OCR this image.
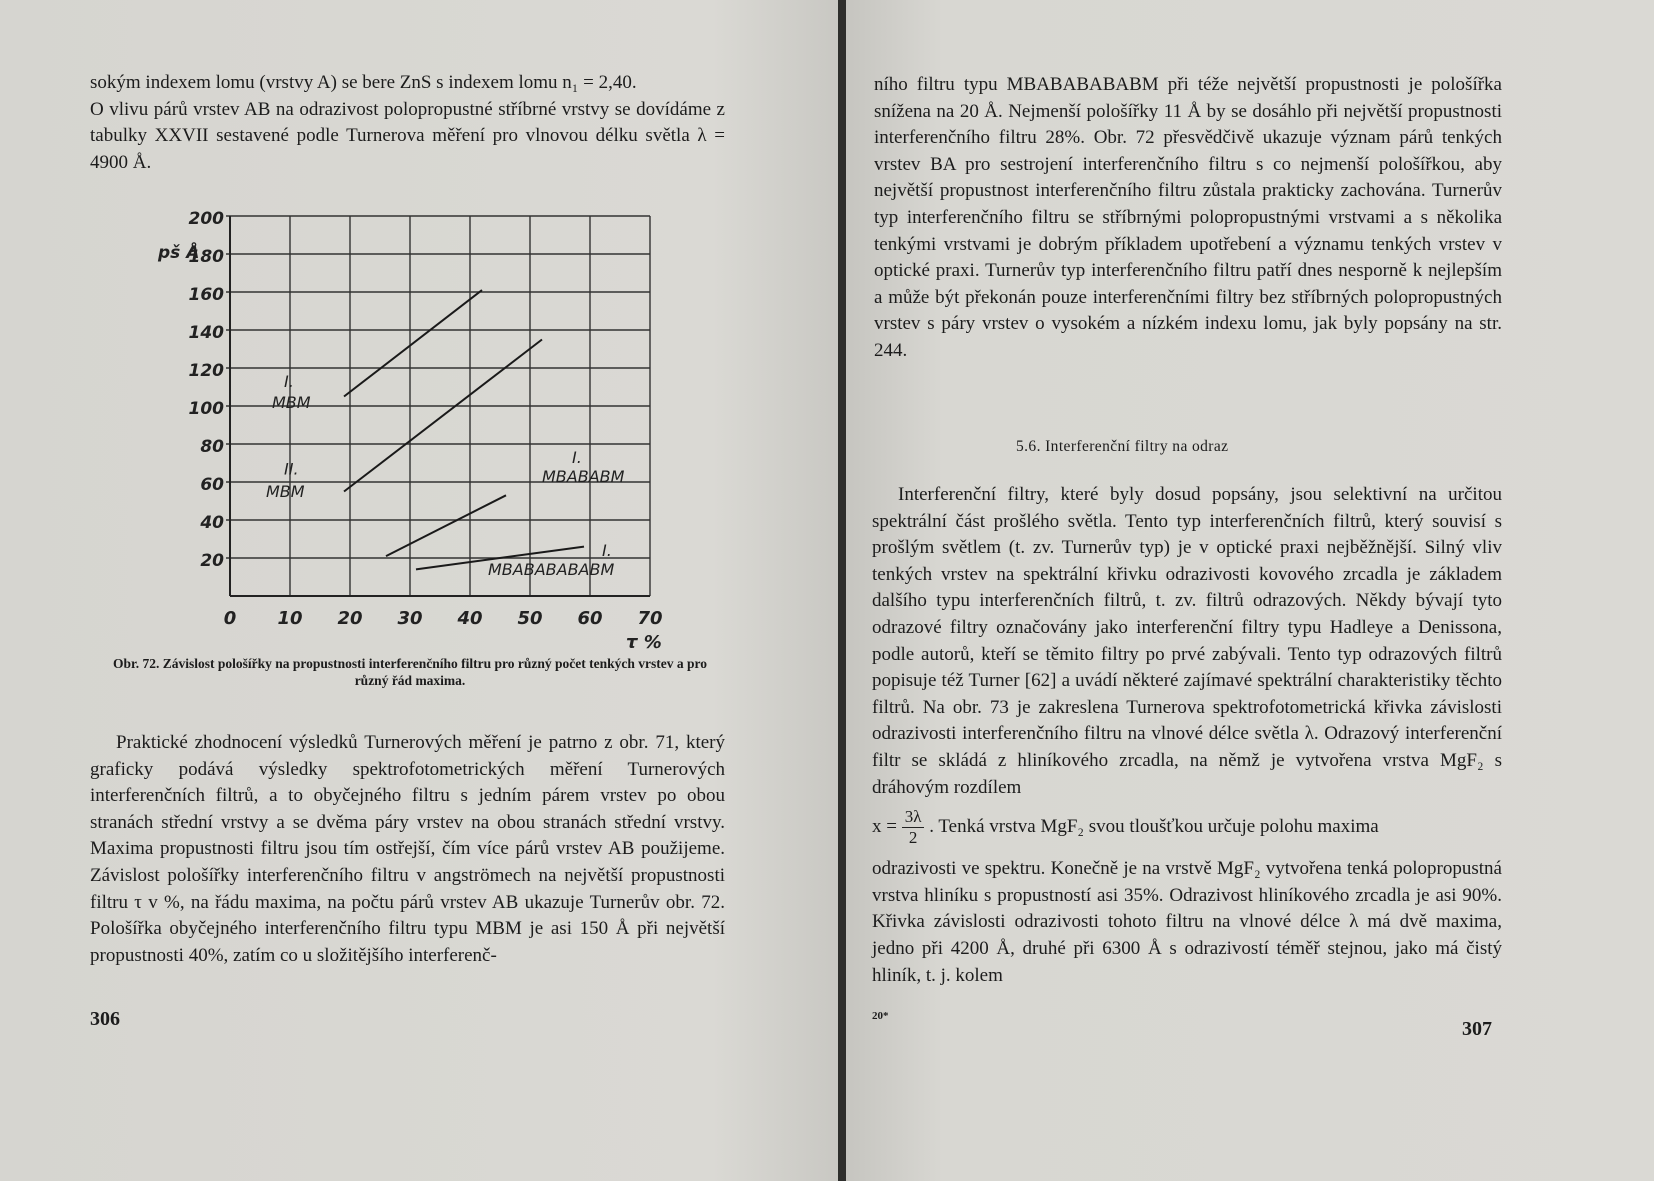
sokým indexem lomu (vrstvy A) se bere ZnS s indexem lomu n₁ = 2,40.

O vlivu párů vrstev AB na odrazivost polopropustné stříbrné vrstvy se dovídáme z tabulky XXVII sestavené podle Turnerova měření pro vlnovou délku světla λ = 4900 Å.

0 10 20 30 40 50 60 70
20
40
60
80
100
120
140
160
180
200
pš Å
τ %
I.
MBM
II.
MBM
I.
MBABABM
I.
MBABABABABM
Obr. 72. Závislost pološířky na propustnosti interferenčního filtru pro různý počet tenkých vrstev a pro různý řád maxima.

Praktické zhodnocení výsledků Turnerových měření je patrno z obr. 71, který graficky podává výsledky spektrofotometrických měření Turnerových interferenčních filtrů, a to obyčejného filtru s jedním párem vrstev po obou stranách střední vrstvy a se dvěma páry vrstev na obou stranách střední vrstvy. Maxima propustnosti filtru jsou tím ostřejší, čím více párů vrstev AB použijeme. Závislost pološířky interferenčního filtru v angströmech na největší propustnosti filtru τ v %, na řádu maxima, na počtu párů vrstev AB ukazuje Turnerův obr. 72. Pološířka obyčejného interferenčního filtru typu MBM je asi 150 Å při největší propustnosti 40%, zatím co u složitějšího interferenč-

306

ního filtru typu MBABABABABM při téže největší propustnosti je pološířka snížena na 20 Å. Nejmenší pološířky 11 Å by se dosáhlo při největší propustnosti interferenčního filtru 28%. Obr. 72 přesvědčivě ukazuje význam párů tenkých vrstev BA pro sestrojení interferenčního filtru s co nejmenší pološířkou, aby největší propustnost interferenčního filtru zůstala prakticky zachována. Turnerův typ interferenčního filtru se stříbrnými polopropustnými vrstvami a s několika tenkými vrstvami je dobrým příkladem upotřebení a významu tenkých vrstev v optické praxi. Turnerův typ interferenčního filtru patří dnes nesporně k nejlepším a může být překonán pouze interferenčními filtry bez stříbrných polopropustných vrstev s páry vrstev o vysokém a nízkém indexu lomu, jak byly popsány na str. 244.

5.6. Interferenční filtry na odraz

Interferenční filtry, které byly dosud popsány, jsou selektivní na určitou spektrální část prošlého světla. Tento typ interferenčních filtrů, který souvisí s prošlým světlem (t. zv. Turnerův typ) je v optické praxi nejběžnější. Silný vliv tenkých vrstev na spektrální křivku odrazivosti kovového zrcadla je základem dalšího typu interferenčních filtrů, t. zv. filtrů odrazových. Někdy bývají tyto odrazové filtry označovány jako interferenční filtry typu Hadleye a Denissona, podle autorů, kteří se těmito filtry po prvé zabývali. Tento typ odrazových filtrů popisuje též Turner [62] a uvádí některé zajímavé spektrální charakteristiky těchto filtrů. Na obr. 73 je zakreslena Turnerova spektrofotometrická křivka závislosti odrazivosti interferenčního filtru na vlnové délce světla λ. Odrazový interferenční filtr se skládá z hliníkového zrcadla, na němž je vytvořena vrstva MgF₂ s dráhovým rozdílem

$x = \frac{3\lambda}{2}$ . Tenká vrstva MgF₂ svou tloušťkou určuje polohu maxima

odrazivosti ve spektru. Konečně je na vrstvě MgF₂ vytvořena tenká polopropustná vrstva hliníku s propustností asi 35%. Odrazivost hliníkového zrcadla je asi 90%. Křivka závislosti odrazivosti tohoto filtru na vlnové délce λ má dvě maxima, jedno při 4200 Å, druhé při 6300 Å s odrazivostí téměř stejnou, jako má čistý hliník, t. j. kolem

20*
307
